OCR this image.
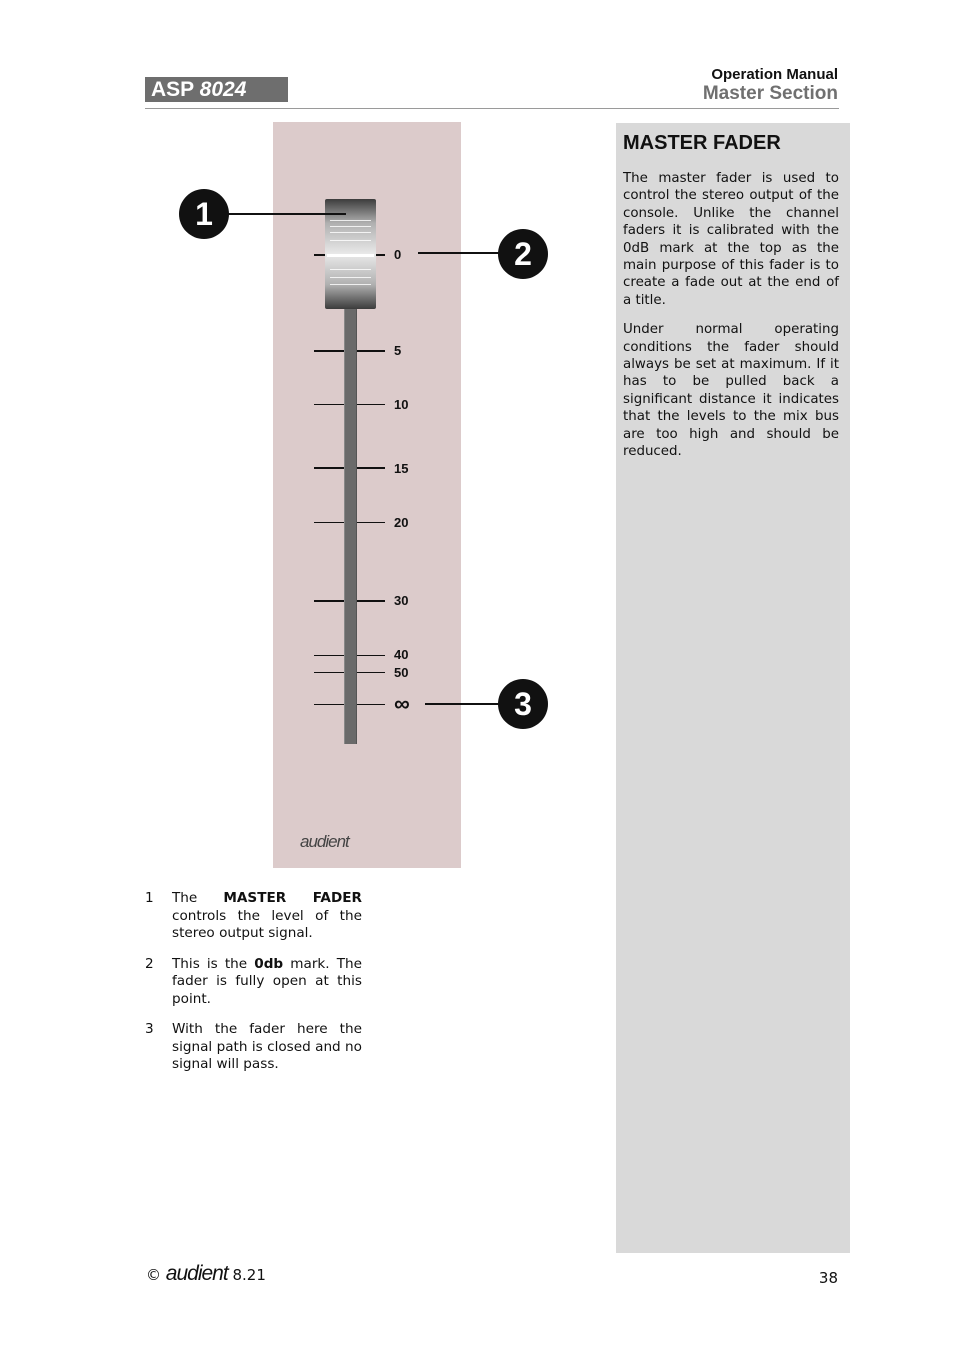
ASP 8024
Operation Manual
Master Section
audient
0
5
10
15
20
30
40
50
∞
1
2
3
1 The MASTER FADER controls the level of the stereo output signal.
2 This is the 0db mark. The fader is fully open at this point.
3 With the fader here the signal path is closed and no signal will pass.
MASTER FADER

The master fader is used to control the stereo output of the console. Unlike the channel faders it is calibrated with the 0dB mark at the top as the main purpose of this fader is to create a fade out at the end of a title.

Under normal operating conditions the fader should always be set at maximum. If it has to be pulled back a significant distance it indicates that the levels to the mix bus are too high and should be reduced.

© audient 8.21	38
